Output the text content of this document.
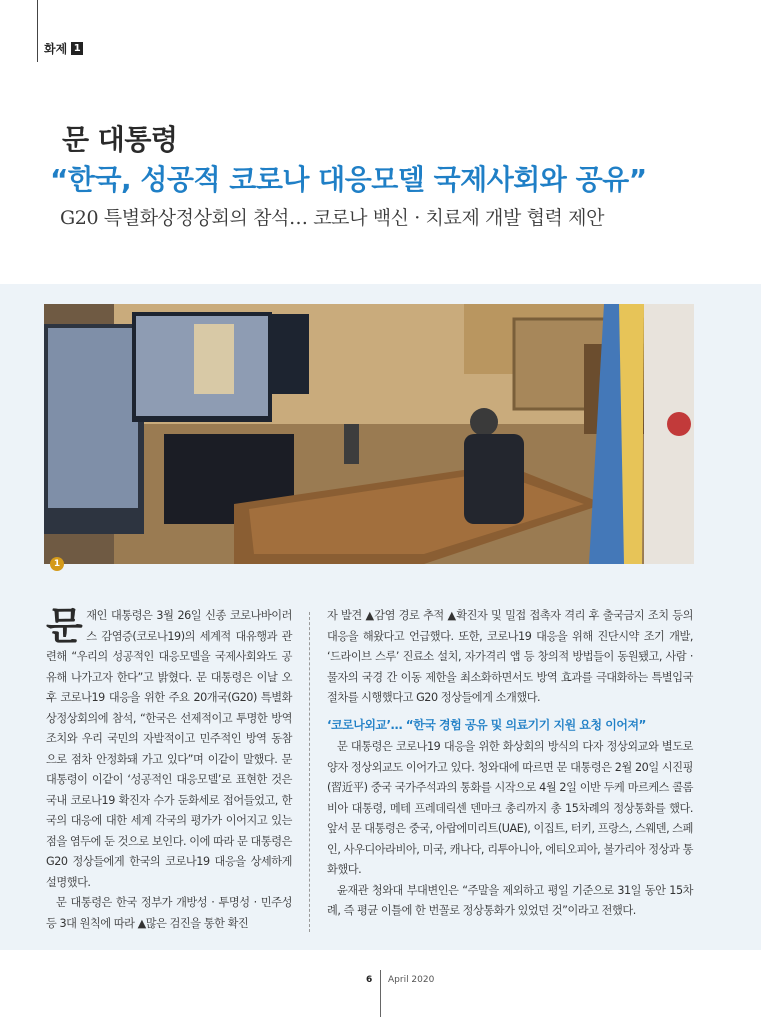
화제 1
문 대통령
“한국, 성공적 코로나 대응모델 국제사회와 공유”
G20 특별화상정상회의 참석… 코로나 백신 · 치료제 개발 협력 제안
1
문 재인 대통령은 3월 26일 신종 코로나바이러스 감염증(코로나19)의 세계적 대유행과 관련해 “우리의 성공적인 대응모델을 국제사회와도 공유해 나가고자 한다”고 밝혔다. 문 대통령은 이날 오후 코로나19 대응을 위한 주요 20개국(G20) 특별화상정상회의에 참석, “한국은 선제적이고 투명한 방역 조치와 우리 국민의 자발적이고 민주적인 방역 동참으로 점차 안정화돼 가고 있다”며 이같이 말했다. 문 대통령이 이같이 ‘성공적인 대응모델’로 표현한 것은 국내 코로나19 확진자 수가 둔화세로 접어들었고, 한국의 대응에 대한 세계 각국의 평가가 이어지고 있는 점을 염두에 둔 것으로 보인다. 이에 따라 문 대통령은 G20 정상들에게 한국의 코로나19 대응을 상세하게 설명했다.

문 대통령은 한국 정부가 개방성 · 투명성 · 민주성 등 3대 원칙에 따라 ▲많은 검진을 통한 확진

자 발견 ▲감염 경로 추적 ▲확진자 및 밀접 접촉자 격리 후 출국금지 조치 등의 대응을 해왔다고 언급했다. 또한, 코로나19 대응을 위해 진단시약 조기 개발, ‘드라이브 스루’ 진료소 설치, 자가격리 앱 등 창의적 방법들이 동원됐고, 사람 · 물자의 국경 간 이동 제한을 최소화하면서도 방역 효과를 극대화하는 특별입국절차를 시행했다고 G20 정상들에게 소개했다.

‘코로나외교’… “한국 경험 공유 및 의료기기 지원 요청 이어져”

문 대통령은 코로나19 대응을 위한 화상회의 방식의 다자 정상외교와 별도로 양자 정상외교도 이어가고 있다. 청와대에 따르면 문 대통령은 2월 20일 시진핑(習近平) 중국 국가주석과의 통화를 시작으로 4월 2일 이반 두케 마르케스 콜롬비아 대통령, 메테 프레데릭센 덴마크 총리까지 총 15차례의 정상통화를 했다. 앞서 문 대통령은 중국, 아랍에미리트(UAE), 이집트, 터키, 프랑스, 스웨덴, 스페인, 사우디아라비아, 미국, 캐나다, 리투아니아, 에티오피아, 불가리아 정상과 통화했다.

윤재관 청와대 부대변인은 “주말을 제외하고 평일 기준으로 31일 동안 15차례, 즉 평균 이틀에 한 번꼴로 정상통화가 있었던 것”이라고 전했다.

6 April 2020
